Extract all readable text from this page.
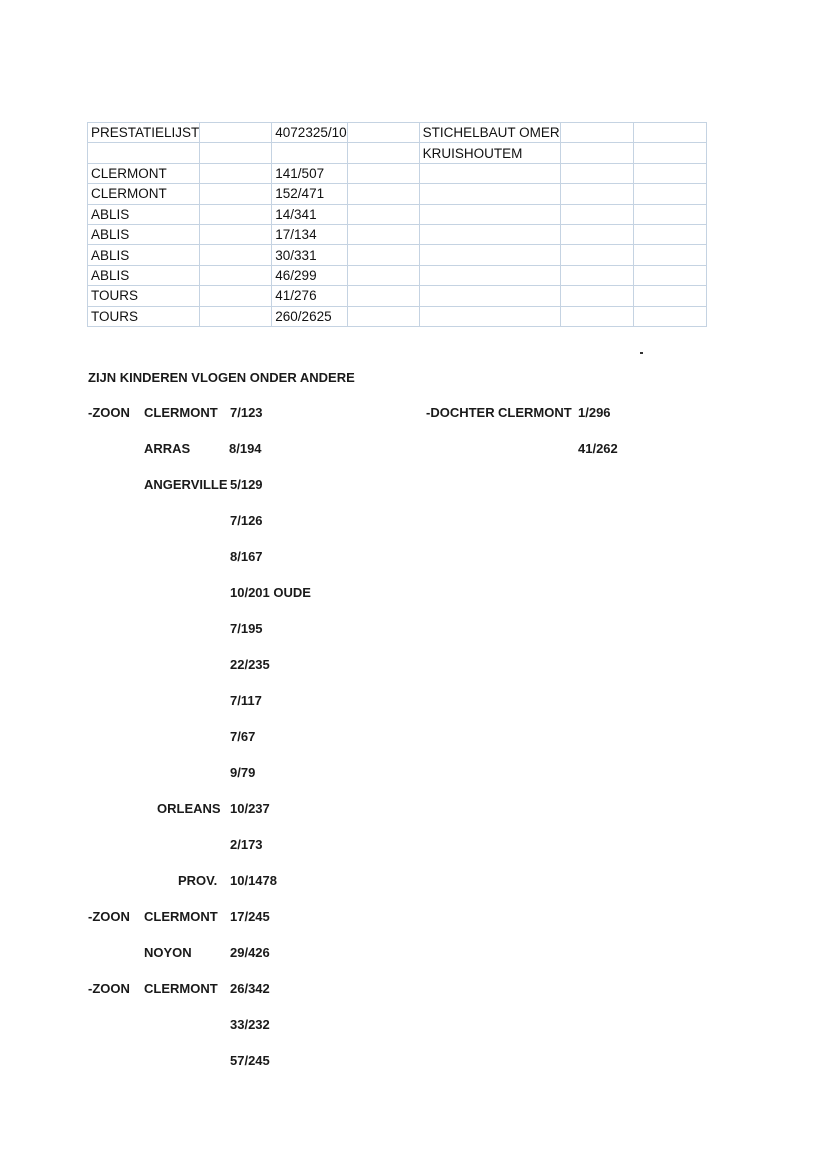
PRESTATIELIJST		4072325/10		STICHELBAUT OMER		
				KRUISHOUTEM		
CLERMONT		141/507				
CLERMONT		152/471				
ABLIS		14/341				
ABLIS		17/134				
ABLIS		30/331				
ABLIS		46/299				
TOURS		41/276				
TOURS		260/2625				
ZIJN KINDEREN VLOGEN ONDER ANDERE
-ZOON CLERMONT 7/123
ARRAS	8/194
ANGERVILLE 5/129
7/126
8/167
10/201 OUDE
7/195
22/235
7/117
7/67
9/79
ORLEANS 10/237
2/173
PROV. 10/1478
-DOCHTER CLERMONT 1/296
41/262
-ZOON CLERMONT 17/245
NOYON	29/426
-ZOON CLERMONT 26/342
33/232
57/245
